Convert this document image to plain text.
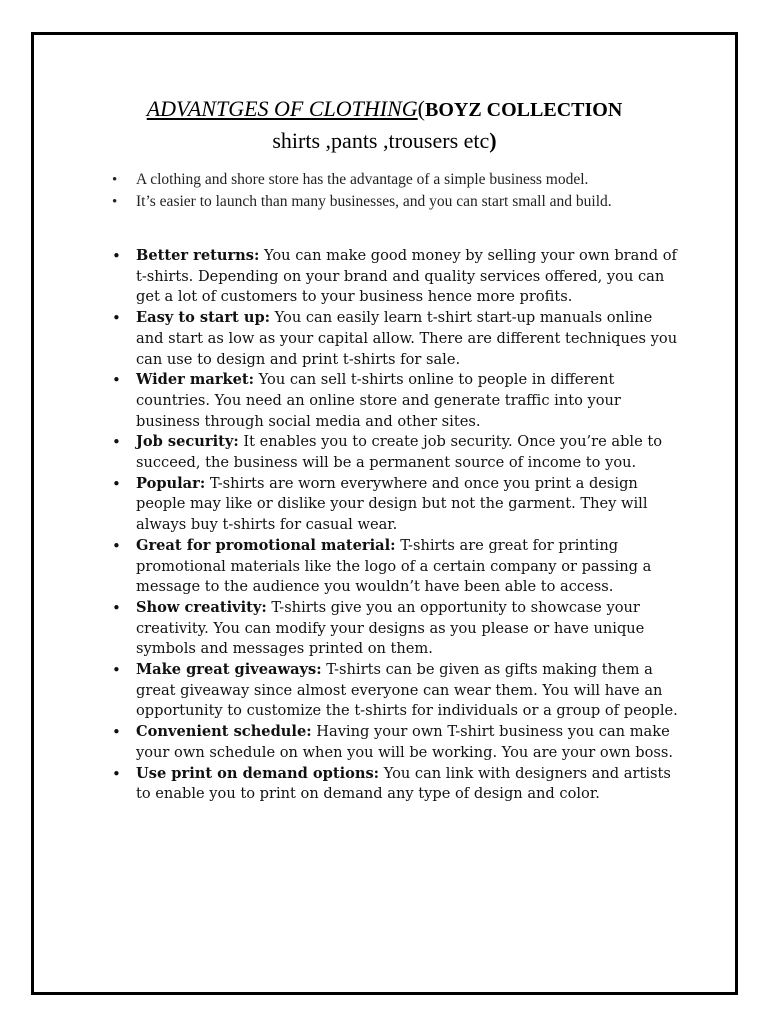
ADVANTGES OF CLOTHING(BOYZ COLLECTION
shirts ,pants ,trousers etc)
• A clothing and shore store has the advantage of a simple business model.
• It’s easier to launch than many businesses, and you can start small and build.
• Better returns: You can make good money by selling your own brand of t-shirts. Depending on your brand and quality services offered, you can get a lot of customers to your business hence more profits.
• Easy to start up: You can easily learn t-shirt start-up manuals online and start as low as your capital allow. There are different techniques you can use to design and print t-shirts for sale.
• Wider market: You can sell t-shirts online to people in different countries. You need an online store and generate traffic into your business through social media and other sites.
• Job security: It enables you to create job security. Once you’re able to succeed, the business will be a permanent source of income to you.
• Popular: T-shirts are worn everywhere and once you print a design people may like or dislike your design but not the garment. They will always buy t-shirts for casual wear.
• Great for promotional material: T-shirts are great for printing promotional materials like the logo of a certain company or passing a message to the audience you wouldn’t have been able to access.
• Show creativity: T-shirts give you an opportunity to showcase your creativity. You can modify your designs as you please or have unique symbols and messages printed on them.
• Make great giveaways: T-shirts can be given as gifts making them a great giveaway since almost everyone can wear them. You will have an opportunity to customize the t-shirts for individuals or a group of people.
• Convenient schedule: Having your own T-shirt business you can make your own schedule on when you will be working. You are your own boss.
• Use print on demand options: You can link with designers and artists to enable you to print on demand any type of design and color.
